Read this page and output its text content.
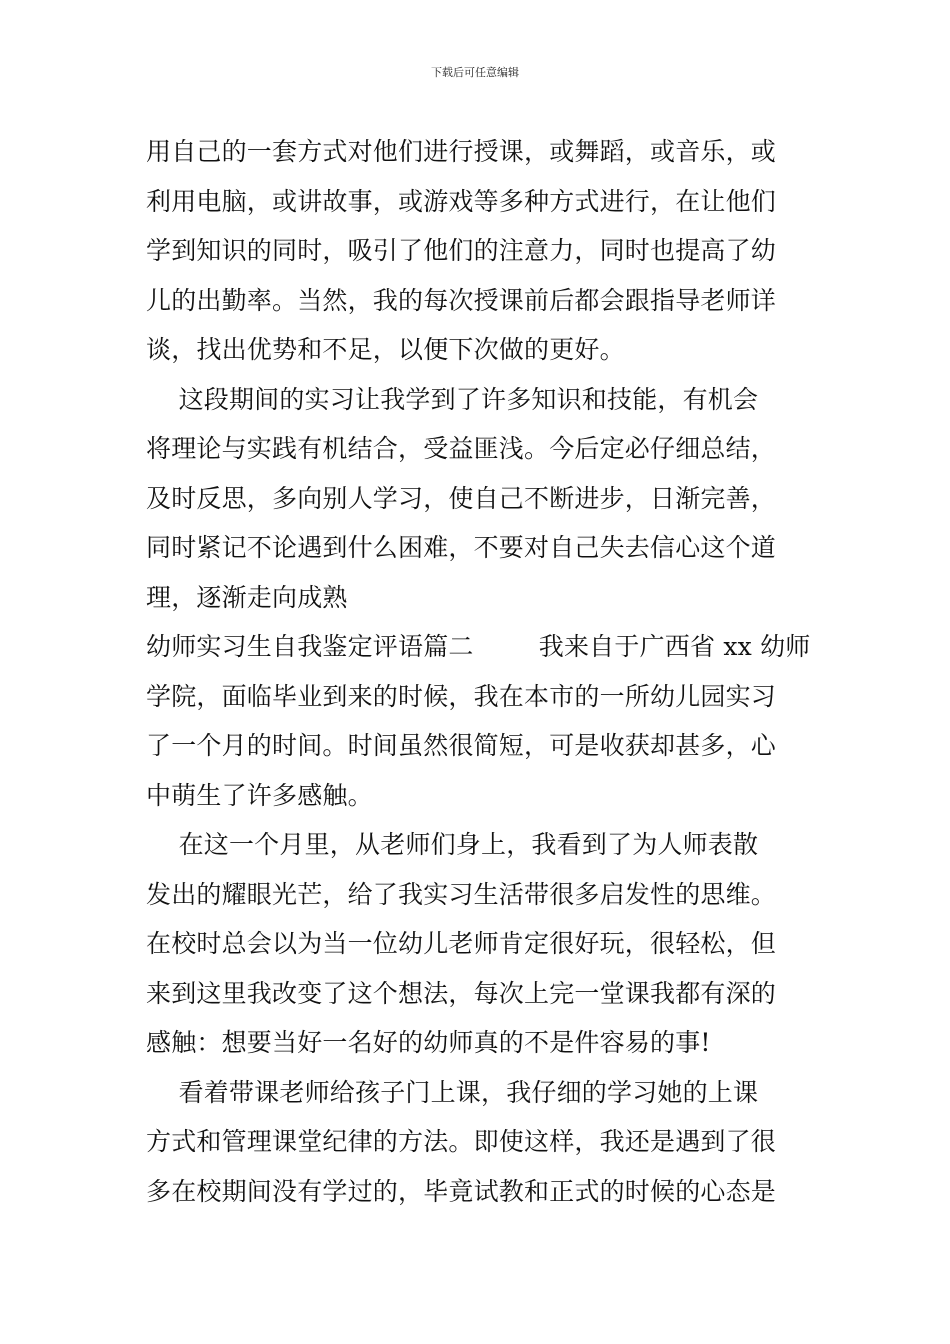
下载后可任意编辑
用自己的一套方式对他们进行授课，或舞蹈，或音乐，或
利用电脑，或讲故事，或游戏等多种方式进行，在让他们
学到知识的同时，吸引了他们的注意力，同时也提高了幼
儿的出勤率。当然，我的每次授课前后都会跟指导老师详
谈，找出优势和不足，以便下次做的更好。
这段期间的实习让我学到了许多知识和技能，有机会
将理论与实践有机结合，受益匪浅。今后定必仔细总结，
及时反思，多向别人学习，使自己不断进步，日渐完善，
同时紧记不论遇到什么困难，不要对自己失去信心这个道
理，逐渐走向成熟
幼师实习生自我鉴定评语篇二        我来自于广西省 xx 幼师
学院，面临毕业到来的时候，我在本市的一所幼儿园实习
了一个月的时间。时间虽然很简短，可是收获却甚多，心
中萌生了许多感触。
在这一个月里，从老师们身上，我看到了为人师表散
发出的耀眼光芒，给了我实习生活带很多启发性的思维。
在校时总会以为当一位幼儿老师肯定很好玩，很轻松，但
来到这里我改变了这个想法，每次上完一堂课我都有深的
感触：想要当好一名好的幼师真的不是件容易的事!
看着带课老师给孩子门上课，我仔细的学习她的上课
方式和管理课堂纪律的方法。即使这样，我还是遇到了很
多在校期间没有学过的，毕竟试教和正式的时候的心态是
